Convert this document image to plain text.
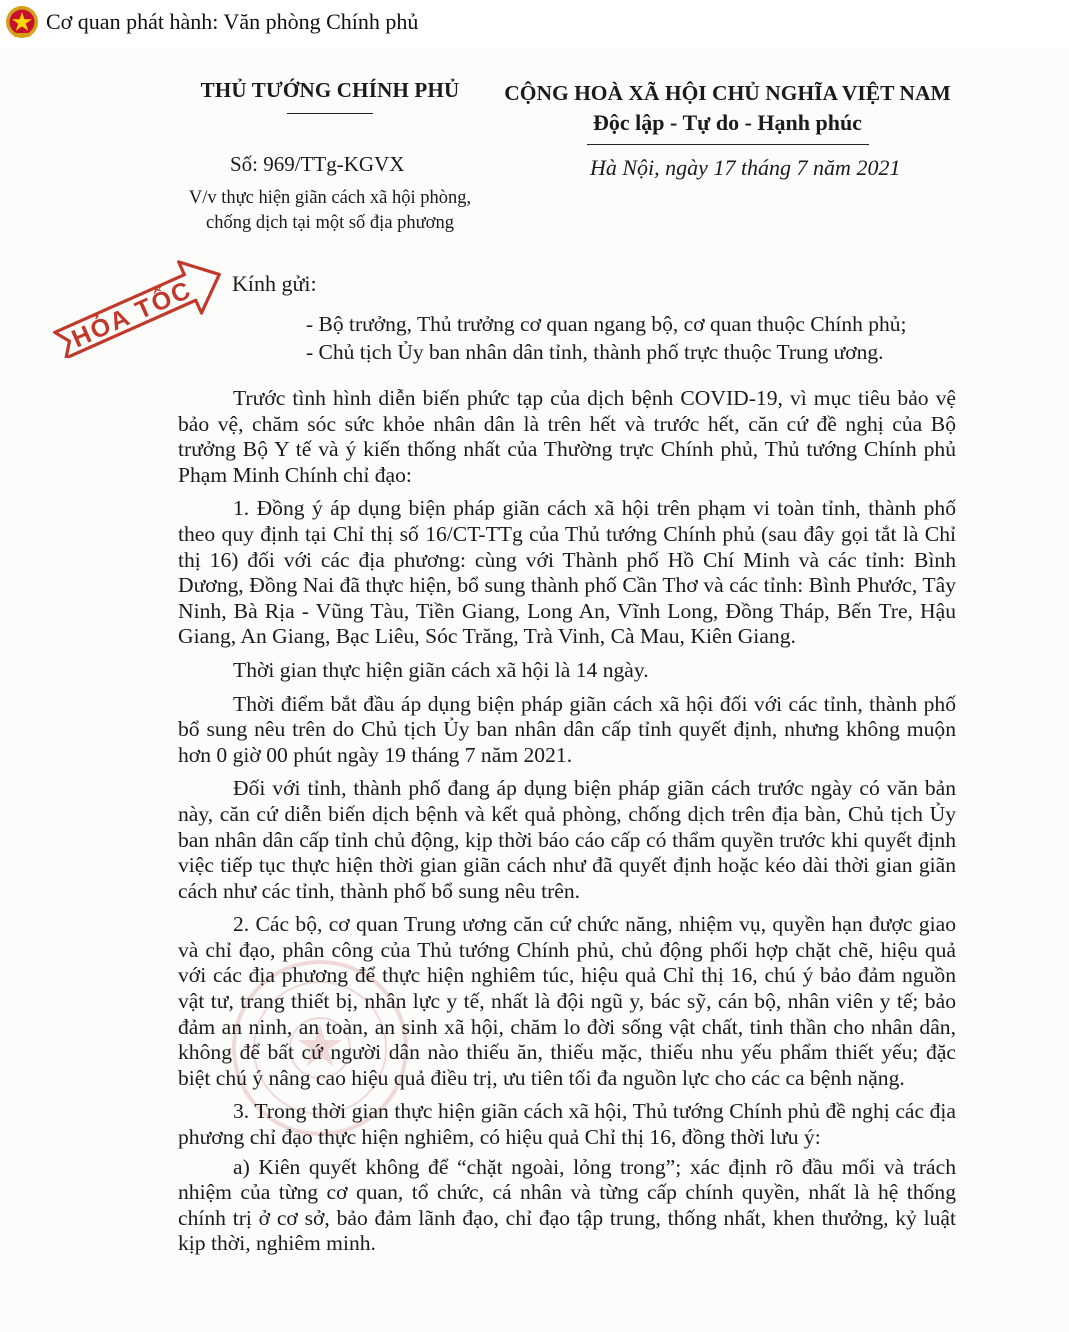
Cơ quan phát hành: Văn phòng Chính phủ
THỦ TƯỚNG CHÍNH PHỦ	CỘNG HOÀ XÃ HỘI CHỦ NGHĨA VIỆT NAM
Độc lập - Tự do - Hạnh phúc
Số: 969/TTg-KGVX	Hà Nội, ngày 17 tháng 7 năm 2021
V/v thực hiện giãn cách xã hội phòng,
chống dịch tại một số địa phương
HỎA TỐC Kính gửi:
- Bộ trưởng, Thủ trưởng cơ quan ngang bộ, cơ quan thuộc Chính phủ;
- Chủ tịch Ủy ban nhân dân tỉnh, thành phố trực thuộc Trung ương.

Trước tình hình diễn biến phức tạp của dịch bệnh COVID-19, vì mục tiêu bảo vệ bảo vệ, chăm sóc sức khỏe nhân dân là trên hết và trước hết, căn cứ đề nghị của Bộ trưởng Bộ Y tế và ý kiến thống nhất của Thường trực Chính phủ, Thủ tướng Chính phủ Phạm Minh Chính chỉ đạo:

1. Đồng ý áp dụng biện pháp giãn cách xã hội trên phạm vi toàn tỉnh, thành phố theo quy định tại Chỉ thị số 16/CT-TTg của Thủ tướng Chính phủ (sau đây gọi tắt là Chỉ thị 16) đối với các địa phương: cùng với Thành phố Hồ Chí Minh và các tỉnh: Bình Dương, Đồng Nai đã thực hiện, bổ sung thành phố Cần Thơ và các tỉnh: Bình Phước, Tây Ninh, Bà Rịa - Vũng Tàu, Tiền Giang, Long An, Vĩnh Long, Đồng Tháp, Bến Tre, Hậu Giang, An Giang, Bạc Liêu, Sóc Trăng, Trà Vinh, Cà Mau, Kiên Giang.

Thời gian thực hiện giãn cách xã hội là 14 ngày.

Thời điểm bắt đầu áp dụng biện pháp giãn cách xã hội đối với các tỉnh, thành phố bổ sung nêu trên do Chủ tịch Ủy ban nhân dân cấp tỉnh quyết định, nhưng không muộn hơn 0 giờ 00 phút ngày 19 tháng 7 năm 2021.

Đối với tỉnh, thành phố đang áp dụng biện pháp giãn cách trước ngày có văn bản này, căn cứ diễn biến dịch bệnh và kết quả phòng, chống dịch trên địa bàn, Chủ tịch Ủy ban nhân dân cấp tỉnh chủ động, kịp thời báo cáo cấp có thẩm quyền trước khi quyết định việc tiếp tục thực hiện thời gian giãn cách như đã quyết định hoặc kéo dài thời gian giãn cách như các tỉnh, thành phố bổ sung nêu trên.

2. Các bộ, cơ quan Trung ương căn cứ chức năng, nhiệm vụ, quyền hạn được giao và chỉ đạo, phân công của Thủ tướng Chính phủ, chủ động phối hợp chặt chẽ, hiệu quả với các địa phương để thực hiện nghiêm túc, hiệu quả Chỉ thị 16, chú ý bảo đảm nguồn vật tư, trang thiết bị, nhân lực y tế, nhất là đội ngũ y, bác sỹ, cán bộ, nhân viên y tế; bảo đảm an ninh, an toàn, an sinh xã hội, chăm lo đời sống vật chất, tinh thần cho nhân dân, không để bất cứ người dân nào thiếu ăn, thiếu mặc, thiếu nhu yếu phẩm thiết yếu; đặc biệt chú ý nâng cao hiệu quả điều trị, ưu tiên tối đa nguồn lực cho các ca bệnh nặng.

3. Trong thời gian thực hiện giãn cách xã hội, Thủ tướng Chính phủ đề nghị các địa phương chỉ đạo thực hiện nghiêm, có hiệu quả Chỉ thị 16, đồng thời lưu ý:

a) Kiên quyết không để “chặt ngoài, lỏng trong”; xác định rõ đầu mối và trách nhiệm của từng cơ quan, tổ chức, cá nhân và từng cấp chính quyền, nhất là hệ thống chính trị ở cơ sở, bảo đảm lãnh đạo, chỉ đạo tập trung, thống nhất, khen thưởng, kỷ luật kịp thời, nghiêm minh.
